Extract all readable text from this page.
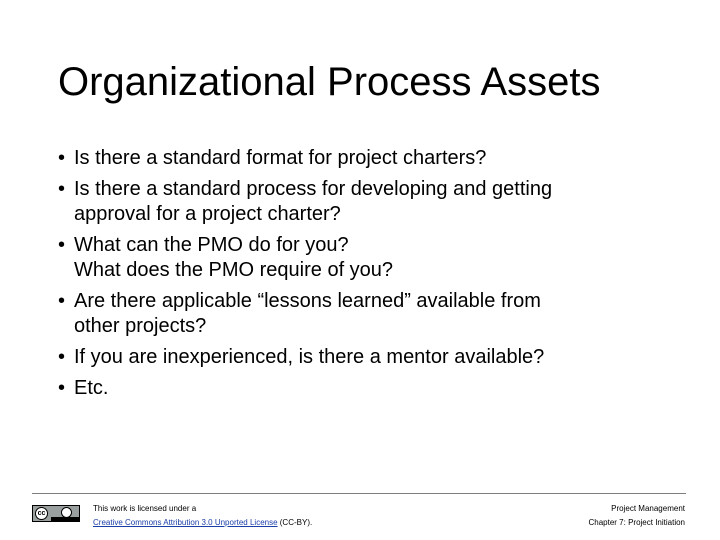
Organizational Process Assets
• Is there a standard format for project charters?
• Is there a standard process for developing and getting
approval for a project charter?
• What can the PMO do for you?
What does the PMO require of you?
• Are there applicable “lessons learned” available from
other projects?
• If you are inexperienced, is there a mentor available?
• Etc.
cc
This work is licensed under a
Creative Commons Attribution 3.0 Unported License (CC-BY).
Project Management
Chapter 7: Project Initiation
